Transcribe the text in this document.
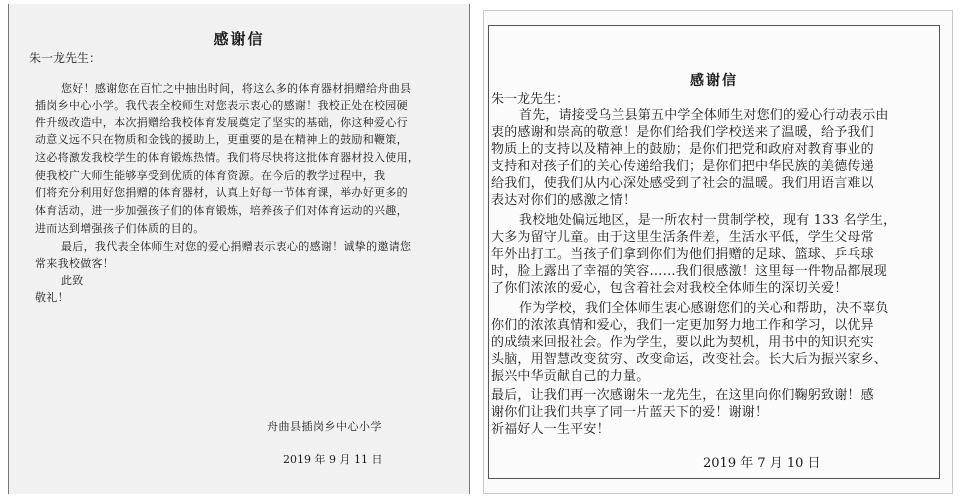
感谢信
朱一龙先生：
您好！感谢您在百忙之中抽出时间，将这么多的体育器材捐赠给舟曲县
插岗乡中心小学。我代表全校师生对您表示衷心的感谢！我校正处在校园硬
件升级改造中，本次捐赠给我校体育发展奠定了坚实的基础，你这种爱心行
动意义远不只在物质和金钱的援助上，更重要的是在精神上的鼓励和鞭策，
这必将激发我校学生的体育锻炼热情。我们将尽快将这批体育器材投入使用，
使我校广大师生能够享受到优质的体育资源。在今后的教学过程中，我
们将充分利用好您捐赠的体育器材，认真上好每一节体育课，举办好更多的
体育活动，进一步加强孩子们的体育锻炼，培养孩子们对体育运动的兴趣，
进而达到增强孩子们体质的目的。
最后，我代表全体师生对您的爱心捐赠表示衷心的感谢！诚挚的邀请您
常来我校做客！
此致
敬礼！
舟曲县插岗乡中心小学
2019 年 9 月 11 日
感谢信
朱一龙先生：
首先，请接受乌兰县第五中学全体师生对您们的爱心行动表示由
衷的感谢和崇高的敬意！是你们给我们学校送来了温暖，给予我们
物质上的支持以及精神上的鼓励；是你们把党和政府对教育事业的
支持和对孩子们的关心传递给我们；是你们把中华民族的美德传递
给我们，使我们从内心深处感受到了社会的温暖。我们用语言难以
表达对你们的感激之情！
我校地处偏远地区，是一所农村一贯制学校，现有 133 名学生，
大多为留守儿童。由于这里生活条件差，生活水平低，学生父母常
年外出打工。当孩子们拿到你们为他们捐赠的足球、篮球、乒乓球
时，脸上露出了幸福的笑容……我们很感激！这里每一件物品都展现
了你们浓浓的爱心，包含着社会对我校全体师生的深切关爱！
作为学校，我们全体师生衷心感谢您们的关心和帮助，决不辜负
你们的浓浓真情和爱心，我们一定更加努力地工作和学习，以优异
的成绩来回报社会。作为学生，要以此为契机，用书中的知识充实
头脑，用智慧改变贫穷、改变命运，改变社会。长大后为振兴家乡、
振兴中华贡献自己的力量。
最后，让我们再一次感谢朱一龙先生，在这里向你们鞠躬致谢！感
谢你们让我们共享了同一片蓝天下的爱！谢谢！
祈福好人一生平安！
2019 年 7 月 10 日
